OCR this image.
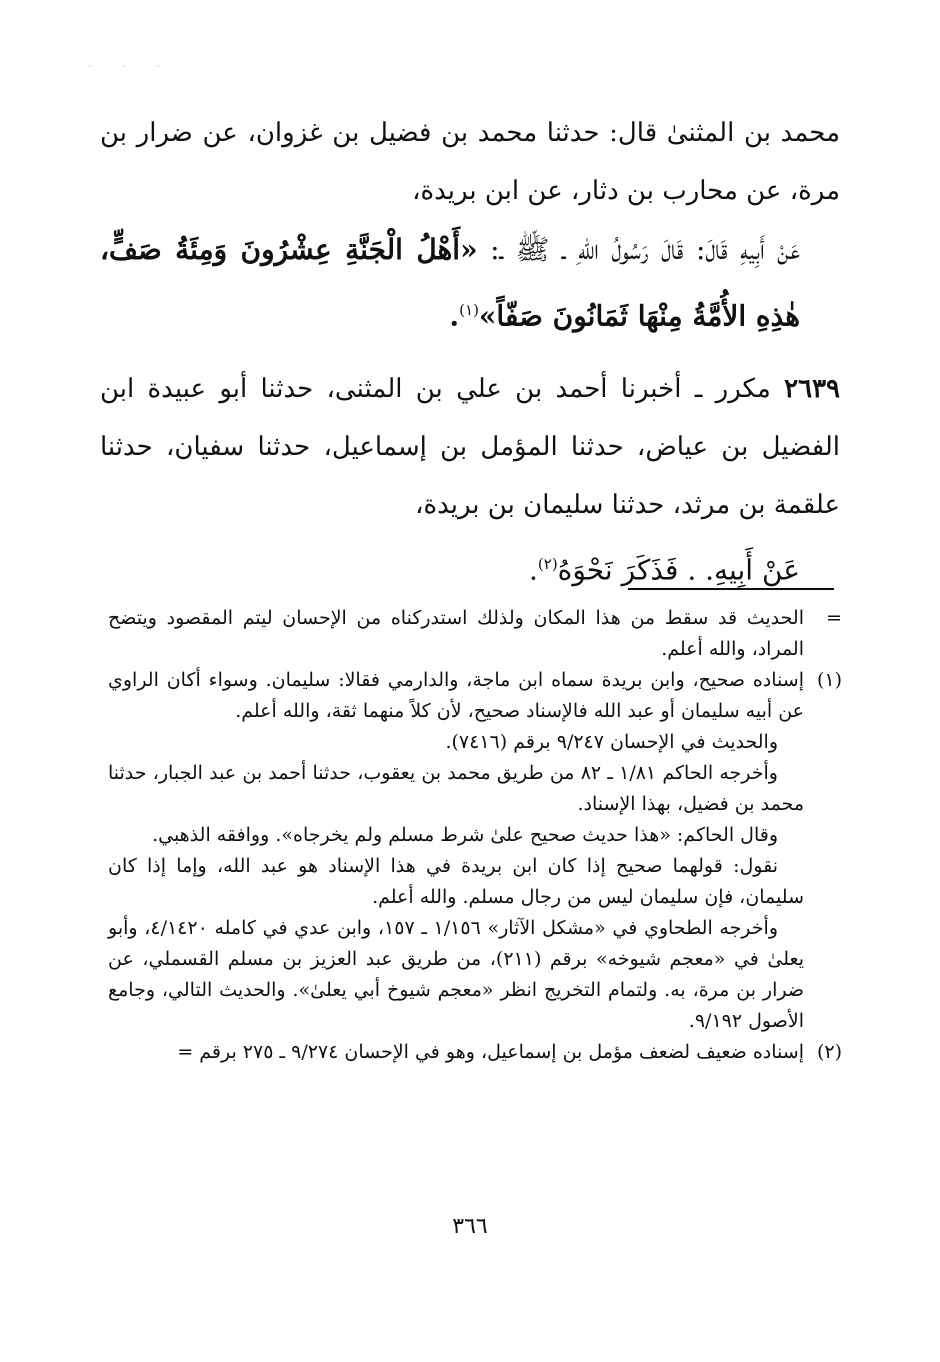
· · ·

محمد بن المثنىٰ قال: حدثنا محمد بن فضيل بن غزوان، عن ضرار بن مرة، عن محارب بن دثار، عن ابن بريدة،

عَنْ أَبِيهِ قَالَ: قَالَ رَسُولُ اللهِ ـ ﷺ ـ: «أَهْلُ الْجَنَّةِ عِشْرُونَ وَمِئَةُ صَفٍّ، هٰذِهِ الأُمَّةُ مِنْهَا ثَمَانُونَ صَفّاً»$^{(١)}$.

٢٦٣٩ مكرر ـ أخبرنا أحمد بن علي بن المثنى، حدثنا أبو عبيدة ابن الفضيل بن عياض، حدثنا المؤمل بن إسماعيل، حدثنا سفيان، حدثنا علقمة بن مرثد، حدثنا سليمان بن بريدة،

عَنْ أَبِيهِ. . فَذَكَرَ نَحْوَهُ$^{(٢)}$.

=
الحديث قد سقط من هذا المكان ولذلك استدركناه من الإحسان ليتم المقصود ويتضح المراد، والله أعلم.

(١)
إسناده صحيح، وابن بريدة سماه ابن ماجة، والدارمي فقالا: سليمان. وسواء أكان الراوي عن أبيه سليمان أو عبد الله فالإسناد صحيح، لأن كلاً منهما ثقة، والله أعلم.

والحديث في الإحسان ٩/٢٤٧ برقم (٧٤١٦).

وأخرجه الحاكم ١/٨١ ـ ٨٢ من طريق محمد بن يعقوب، حدثنا أحمد بن عبد الجبار، حدثنا محمد بن فضيل، بهذا الإسناد.

وقال الحاكم: «هذا حديث صحيح علىٰ شرط مسلم ولم يخرجاه». ووافقه الذهبي.

نقول: قولهما صحيح إذا كان ابن بريدة في هذا الإسناد هو عبد الله، وإما إذا كان سليمان، فإن سليمان ليس من رجال مسلم. والله أعلم.

وأخرجه الطحاوي في «مشكل الآثار» ١/١٥٦ ـ ١٥٧، وابن عدي في كامله ٤/١٤٢٠، وأبو يعلىٰ في «معجم شيوخه» برقم (٢١١)، من طريق عبد العزيز بن مسلم القسملي، عن ضرار بن مرة، به. ولتمام التخريج انظر «معجم شيوخ أبي يعلىٰ». والحديث التالي، وجامع الأصول ٩/١٩٢.

(٢)
إسناده ضعيف لضعف مؤمل بن إسماعيل، وهو في الإحسان ٩/٢٧٤ ـ ٢٧٥ برقم =

٣٦٦
